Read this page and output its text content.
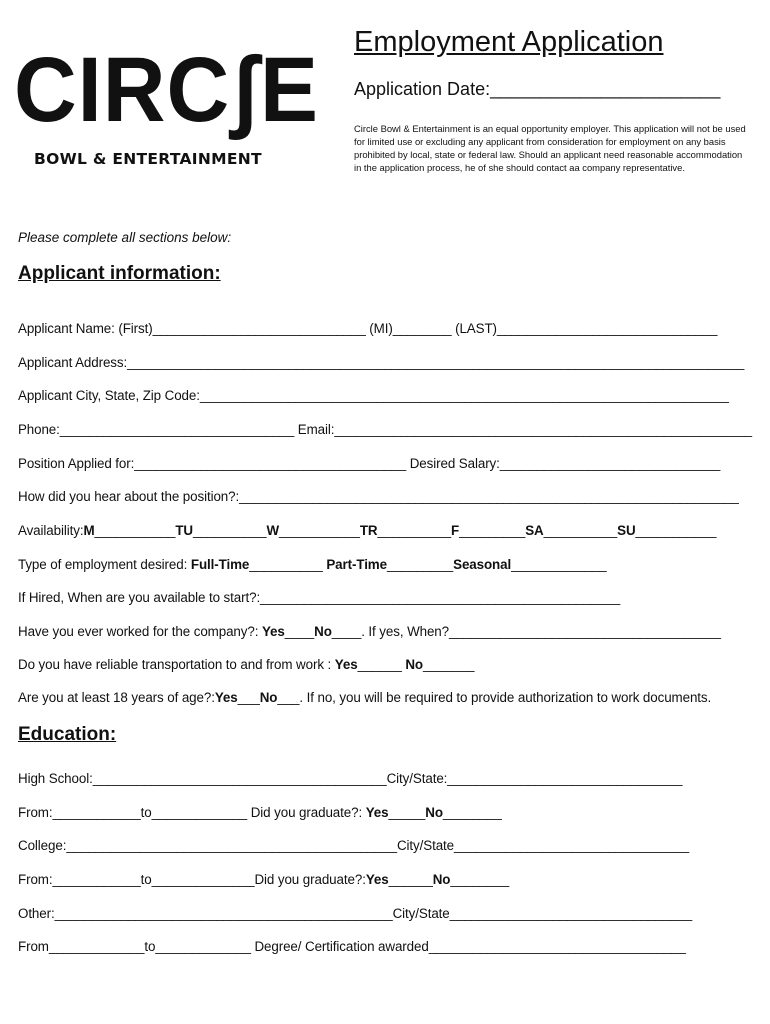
CIRCʃE
BOWL & ENTERTAINMENT
Employment Application
Application Date:_______________________
Circle Bowl & Entertainment is an equal opportunity employer. This application will not be used for limited use or excluding any applicant from consideration for employment on any basis prohibited by local, state or federal law. Should an applicant need reasonable accommodation in the application process, he of she should contact aa company representative.
Please complete all sections below:
Applicant information:
Applicant Name: (First)_____________________________ (MI)________ (LAST)______________________________
Applicant Address:____________________________________________________________________________________
Applicant City, State, Zip Code:________________________________________________________________________
Phone:________________________________ Email:_________________________________________________________
Position Applied for:_____________________________________ Desired Salary:______________________________
How did you hear about the position?:____________________________________________________________________
Availability:M___________TU__________W___________TR__________F_________SA__________SU___________
Type of employment desired: Full-Time__________ Part-Time_________Seasonal_____________
If Hired, When are you available to start?:_________________________________________________
Have you ever worked for the company?: Yes____No____. If yes, When?_____________________________________
Do you have reliable transportation to and from work : Yes______ No_______
Are you at least 18 years of age?:Yes___No___. If no, you will be required to provide authorization to work documents.
Education:
High School:________________________________________City/State:________________________________
From:____________to_____________ Did you graduate?: Yes_____No________
College:_____________________________________________City/State________________________________
From:____________to______________Did you graduate?:Yes______No________
Other:______________________________________________City/State_________________________________
From_____________to_____________ Degree/ Certification awarded___________________________________
